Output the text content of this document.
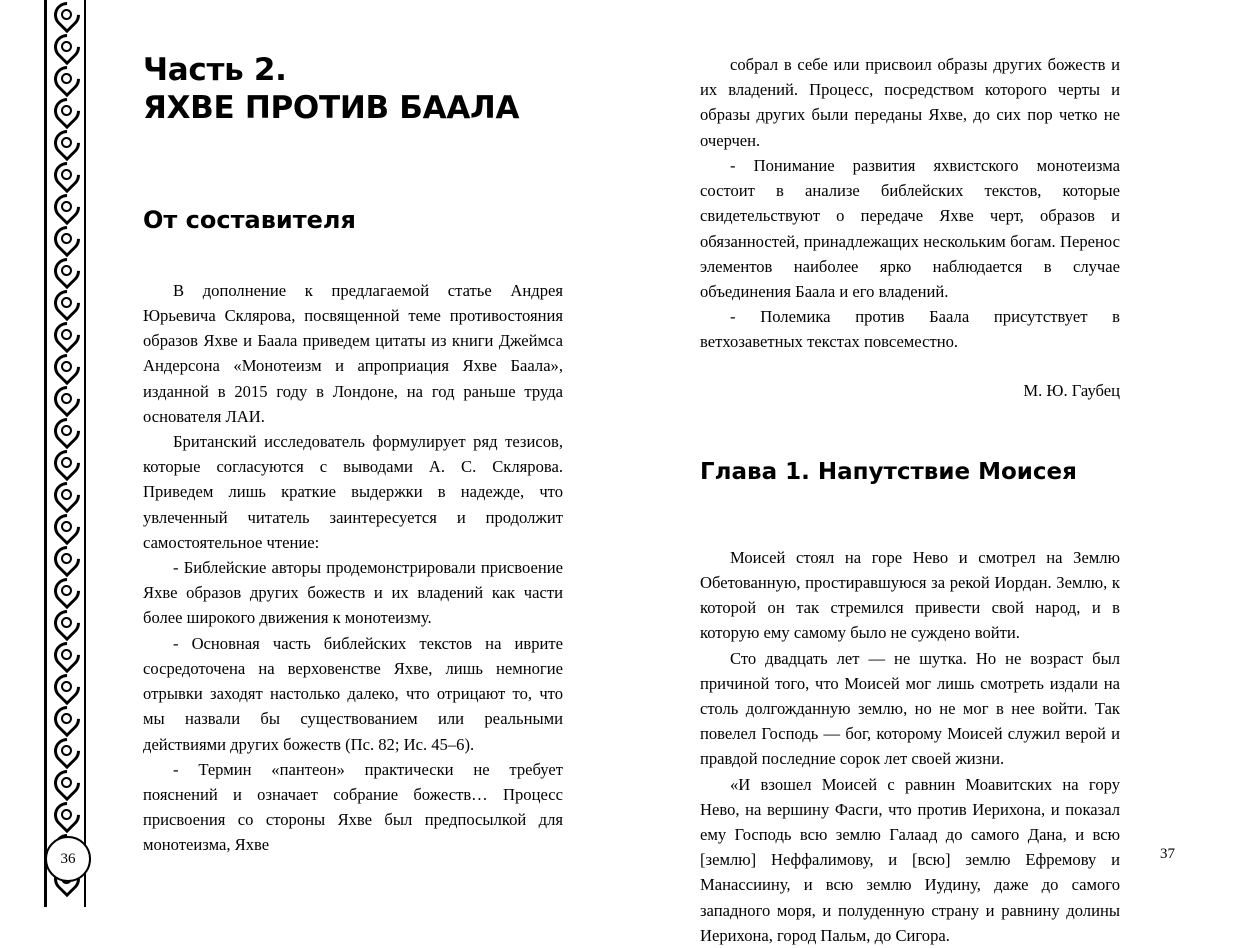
36
Часть 2.
ЯХВЕ ПРОТИВ БААЛА
От составителя

В дополнение к предлагаемой статье Андрея Юрьевича Склярова, посвященной теме противостояния образов Яхве и Баала приведем цитаты из книги Джеймса Андерсона «Монотеизм и апроприация Яхве Баала», изданной в 2015 году в Лондоне, на год раньше труда основателя ЛАИ.

Британский исследователь формулирует ряд тезисов, которые согласуются с выводами А. С. Склярова. Приведем лишь краткие выдержки в надежде, что увлеченный читатель заинтересуется и продолжит самостоятельное чтение:

- Библейские авторы продемонстрировали присвоение Яхве образов других божеств и их владений как части более широкого движения к монотеизму.

- Основная часть библейских текстов на иврите сосредоточена на верховенстве Яхве, лишь немногие отрывки заходят настолько далеко, что отрицают то, что мы назвали бы существованием или реальными действиями других божеств (Пс. 82; Ис. 45–6).

- Термин «пантеон» практически не требует пояснений и означает собрание божеств… Процесс присвоения со стороны Яхве был предпосылкой для монотеизма, Яхве

собрал в себе или присвоил образы других божеств и их владений. Процесс, посредством которого черты и образы других были переданы Яхве, до сих пор четко не очерчен.

- Понимание развития яхвистского монотеизма состоит в анализе библейских текстов, которые свидетельствуют о передаче Яхве черт, образов и обязанностей, принадлежащих нескольким богам. Перенос элементов наиболее ярко наблюдается в случае объединения Баала и его владений.

- Полемика против Баала присутствует в ветхозаветных текстах повсеместно.

М. Ю. Гаубец

Глава 1. Напутствие Моисея

Моисей стоял на горе Нево и смотрел на Землю Обетованную, простиравшуюся за рекой Иордан. Землю, к которой он так стремился привести свой народ, и в которую ему самому было не суждено войти.

Сто двадцать лет — не шутка. Но не возраст был причиной того, что Моисей мог лишь смотреть издали на столь долгожданную землю, но не мог в нее войти. Так повелел Господь — бог, которому Моисей служил верой и правдой последние сорок лет своей жизни.

«И взошел Моисей с равнин Моавитских на гору Нево, на вершину Фасги, что против Иерихона, и показал ему Господь всю землю Галаад до самого Дана, и всю [землю] Неффалимову, и [всю] землю Ефремову и Манассиину, и всю землю Иудину, даже до самого западного моря, и полуденную страну и равнину долины Иерихона, город Пальм, до Сигора.

37
